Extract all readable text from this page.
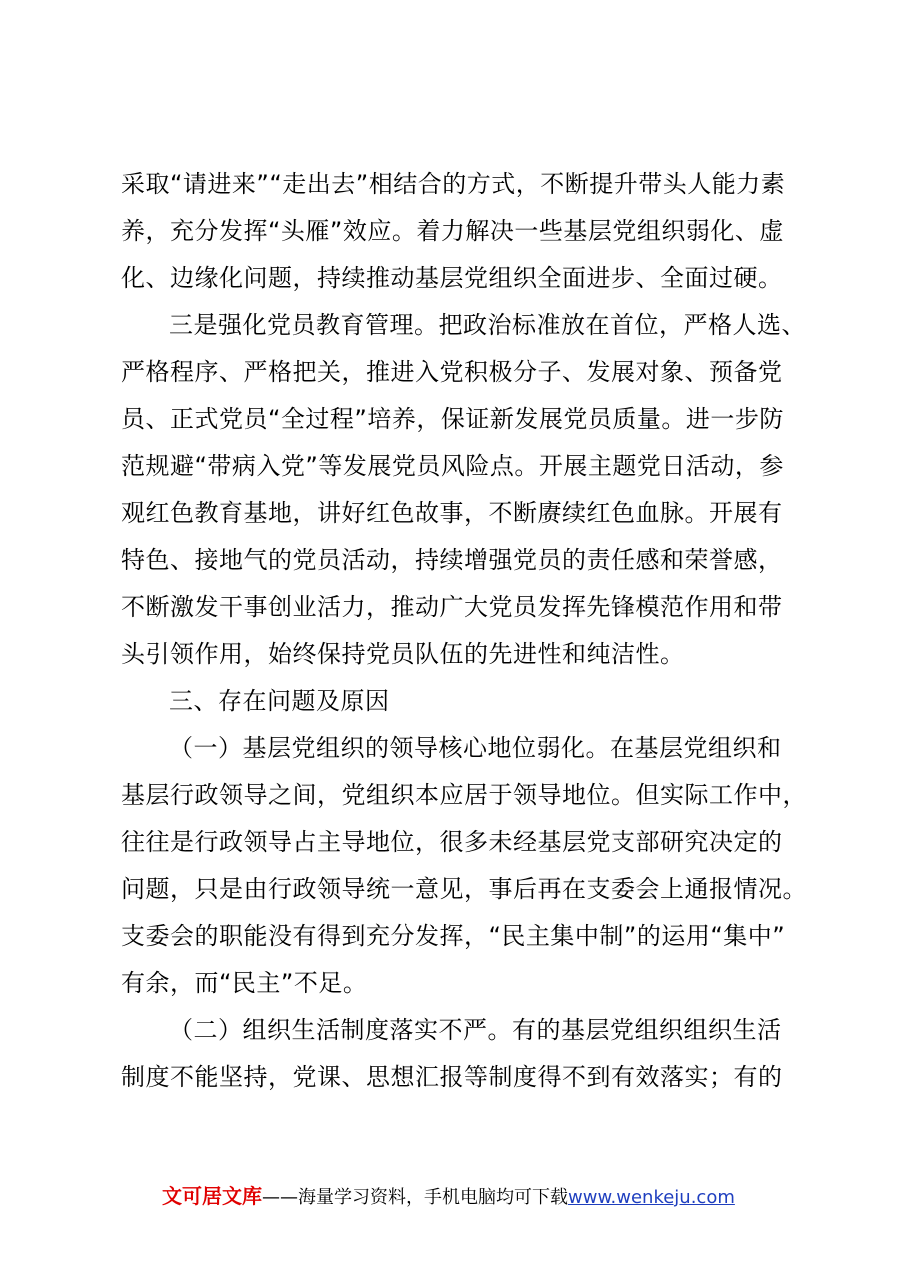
采取“请进来”“走出去”相结合的方式，不断提升带头人能力素
养，充分发挥“头雁”效应。着力解决一些基层党组织弱化、虚
化、边缘化问题，持续推动基层党组织全面进步、全面过硬。
三是强化党员教育管理。把政治标准放在首位，严格人选、
严格程序、严格把关，推进入党积极分子、发展对象、预备党
员、正式党员“全过程”培养，保证新发展党员质量。进一步防
范规避“带病入党”等发展党员风险点。开展主题党日活动，参
观红色教育基地，讲好红色故事，不断赓续红色血脉。开展有
特色、接地气的党员活动，持续增强党员的责任感和荣誉感，
不断激发干事创业活力，推动广大党员发挥先锋模范作用和带
头引领作用，始终保持党员队伍的先进性和纯洁性。
三、存在问题及原因
（一）基层党组织的领导核心地位弱化。在基层党组织和
基层行政领导之间，党组织本应居于领导地位。但实际工作中，
往往是行政领导占主导地位，很多未经基层党支部研究决定的
问题，只是由行政领导统一意见，事后再在支委会上通报情况。
支委会的职能没有得到充分发挥，“民主集中制”的运用“集中”
有余，而“民主”不足。
（二）组织生活制度落实不严。有的基层党组织组织生活
制度不能坚持，党课、思想汇报等制度得不到有效落实；有的
文可居文库——海量学习资料，手机电脑均可下载www.wenkeju.com
